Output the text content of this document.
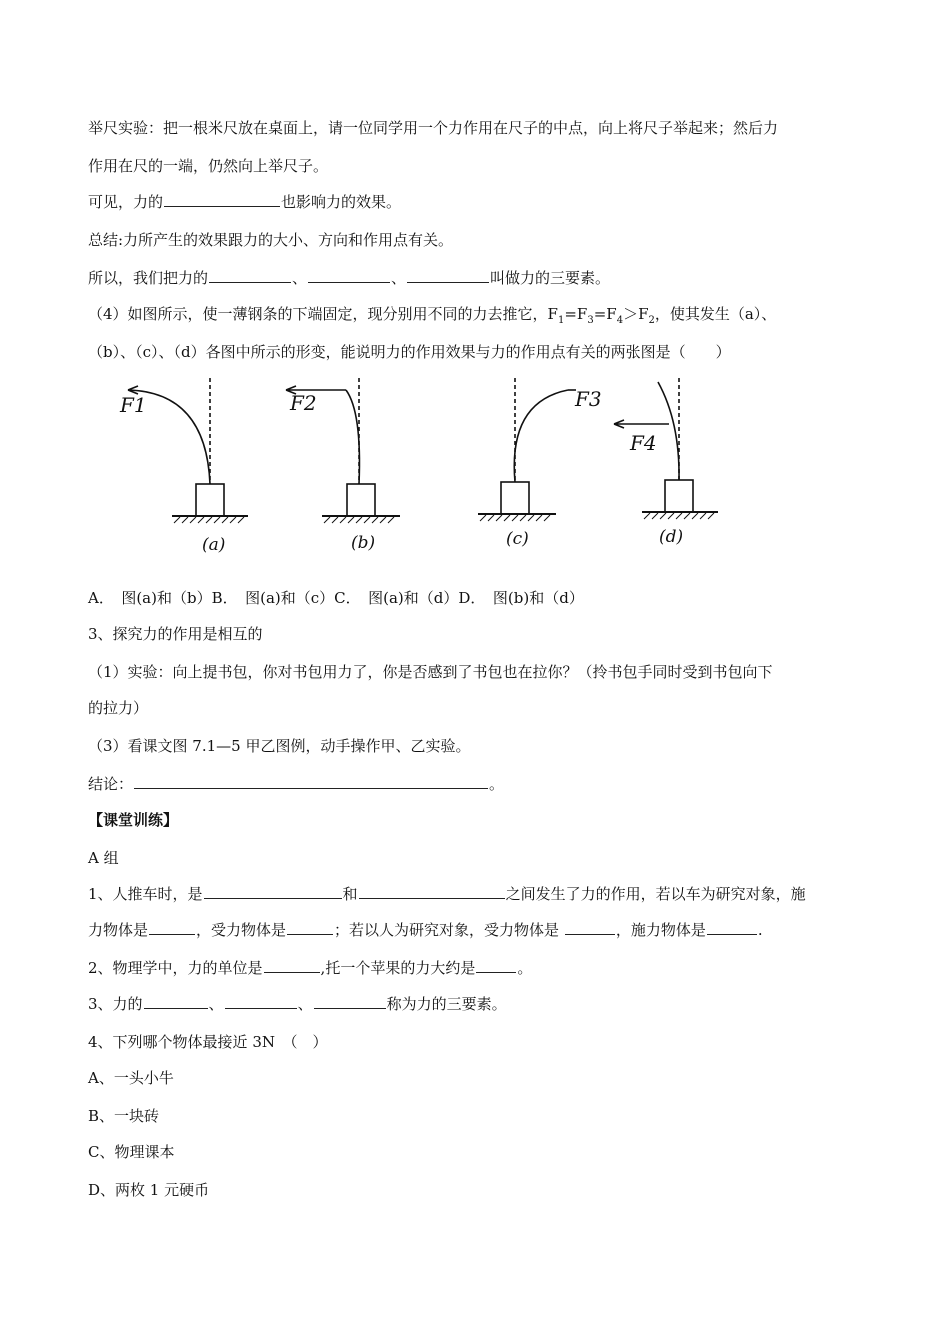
举尺实验：把一根米尺放在桌面上，请一位同学用一个力作用在尺子的中点，向上将尺子举起来；然后力
作用在尺的一端，仍然向上举尺子。
可见，力的	也影响力的效果。
总结:力所产生的效果跟力的大小、方向和作用点有关。
所以，我们把力的	、	、	叫做力的三要素。
（4）如图所示，使一薄钢条的下端固定，现分别用不同的力去推它，$F_1=F_3=F_4>F_2$，使其发生（a）、
（b）、（c）、（d）各图中所示的形变，能说明力的作用效果与力的作用点有关的两张图是（　　）
F1	F2	F3
F4
(a)	(b)	(c)	(d)
A．　图(a)和（b）B．　图(a)和（c）C．　图(a)和（d）D．　图(b)和（d）
3、探究力的作用是相互的
（1）实验：向上提书包，你对书包用力了，你是否感到了书包也在拉你？（拎书包手同时受到书包向下
的拉力）
（3）看课文图 7.1—5 甲乙图例，动手操作甲、乙实验。
结论：	。
【课堂训练】
A 组
1、人推车时，是	和	之间发生了力的作用，若以车为研究对象，施
力物体是	，受力物体是	；若以人为研究对象，受力物体是	，施力物体是	.
2、物理学中，力的单位是	,托一个苹果的力大约是	。
3、力的	、	、	称为力的三要素。
4、下列哪个物体最接近 3N　（　）
A、一头小牛
B、一块砖
C、物理课本
D、两枚 1 元硬币
